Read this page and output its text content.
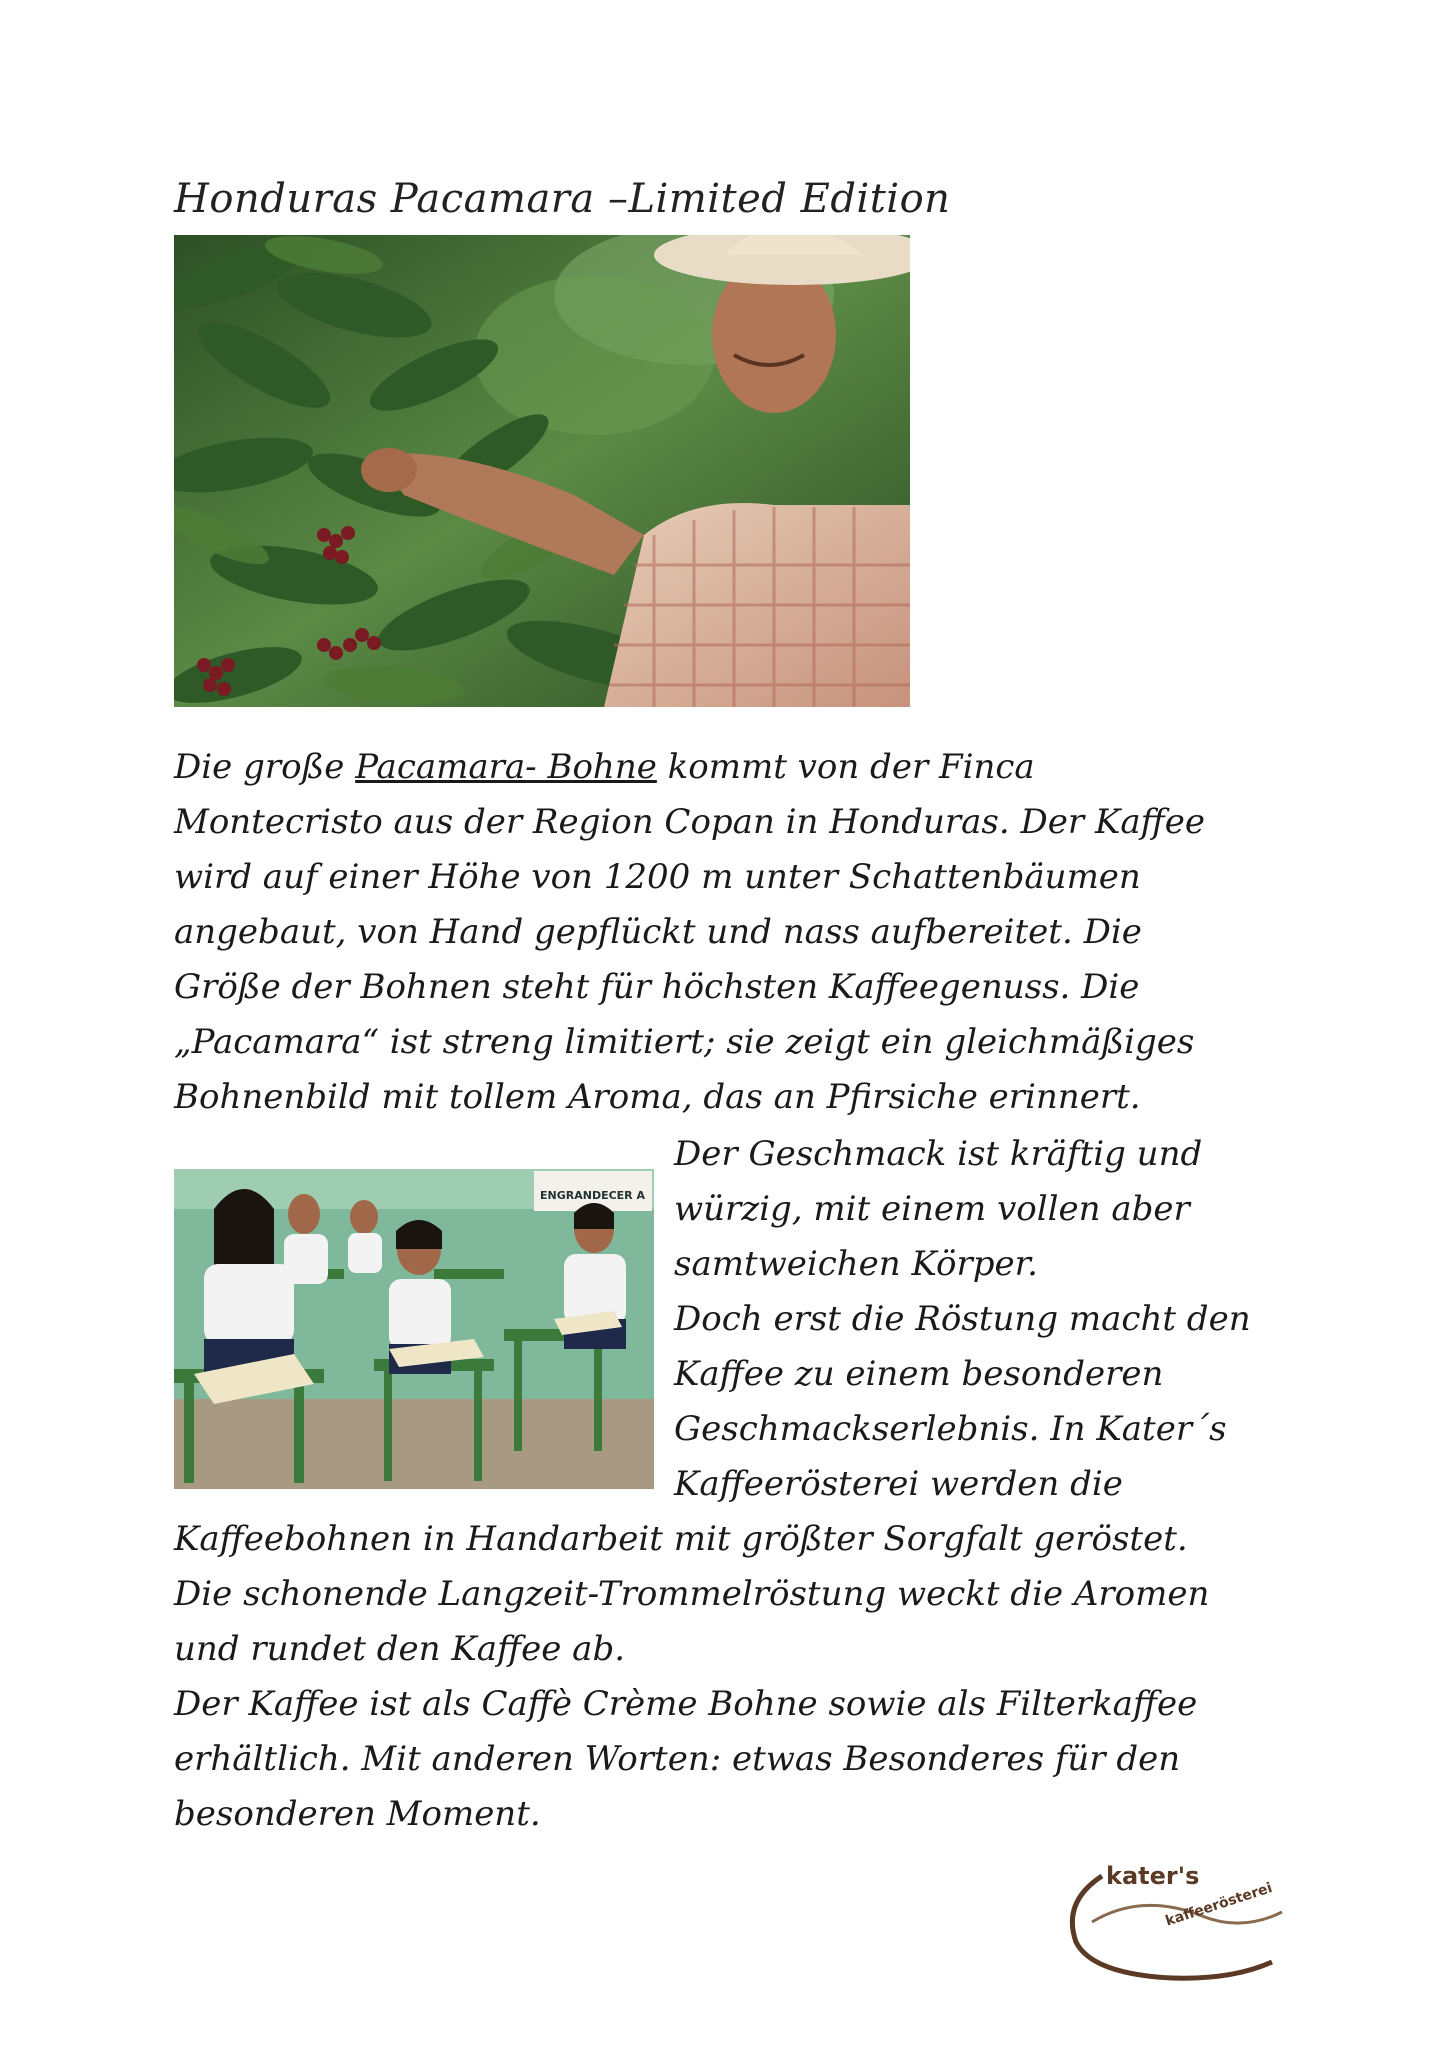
Honduras Pacamara –Limited Edition
Die große Pacamara- Bohne kommt von der Finca
Montecristo aus der Region Copan in Honduras. Der Kaffee
wird auf einer Höhe von 1200 m unter Schattenbäumen
angebaut, von Hand gepflückt und nass aufbereitet. Die
Größe der Bohnen steht für höchsten Kaffeegenuss. Die
„Pacamara“ ist streng limitiert; sie zeigt ein gleichmäßiges
Bohnenbild mit tollem Aroma, das an Pfirsiche erinnert.
ENGRANDECER A
Der Geschmack ist kräftig und
würzig, mit einem vollen aber
samtweichen Körper.
Doch erst die Röstung macht den
Kaffee zu einem besonderen
Geschmackserlebnis. In Kater´s
Kaffeerösterei werden die
Kaffeebohnen in Handarbeit mit größter Sorgfalt geröstet.
Die schonende Langzeit-Trommelröstung weckt die Aromen
und rundet den Kaffee ab.
Der Kaffee ist als Caffè Crème Bohne sowie als Filterkaffee
erhältlich. Mit anderen Worten: etwas Besonderes für den
besonderen Moment.
kater's
kaffeerösterei
